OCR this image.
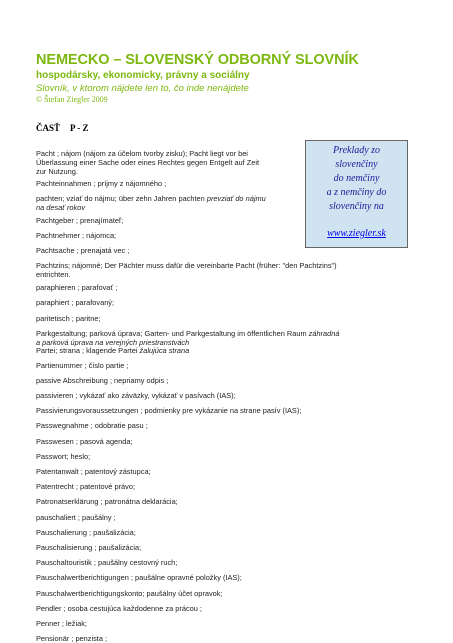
NEMECKO – SLOVENSKÝ ODBORNÝ SLOVNÍK
hospodársky, ekonomicky, právny a sociálny
Slovník, v ktorom nájdete len to, čo inde nenájdete
© Štefan Ziegler 2009
ČASŤ P - Z
Preklady zo
slovenčiny
do nemčiny
a z nemčiny do
slovenčiny na
www.ziegler.sk
Pacht ; nájom (nájom za účelom tvorby zisku); Pacht liegt vor bei
Überlassung einer Sache oder eines Rechtes gegen Entgelt auf Zeit
zur Nutzung.
Pachteinnahmen ; príjmy z nájomného ;
pachten; vziať do nájmu; über zehn Jahren pachten prevziať do nájmu
na desať rokov
Pachtgeber ; prenajímateľ;
Pachtnehmer ; nájomca;
Pachtsache ; prenajatá vec ;
Pachtzins; nájomné; Der Pächter muss dafür die vereinbarte Pacht (früher: "den Pachtzins")
entrichten.
paraphieren ; parafovať ;
paraphiert ; parafovaný;
paritetisch ; paritne;
Parkgestaltung; parková úprava; Garten- und Parkgestaltung im öffentlichen Raum záhradná
a parková úprava na verejných priestranstvách
Partei; strana ; klagende Partei žalujúca strana
Partienummer ; číslo partie ;
passive Abschreibung ; nepriamy odpis ;
passivieren ; vykázať ako záväzky, vykázať v pasívach (IAS);
Passivierungsvoraussetzungen ; podmienky pre vykázanie na strane pasív (IAS);
Passwegnahme ; odobratie pasu ;
Passwesen ; pasová agenda;
Passwort; heslo;
Patentanwalt ; patentový zástupca;
Patentrecht ; patentové právo;
Patronatserklärung ; patronátna deklarácia;
pauschaliert ; paušálny ;
Pauschalierung ; paušalizácia;
Pauschalisierung ; paušalizácia;
Pauschaltouristik ; paušálny cestovný ruch;
Pauschalwertberichtigungen ; paušálne opravné položky (IAS);
Pauschalwertberichtigungskonto; paušálny účet opravok;
Pendler ; osoba cestujúca každodenne za prácou ;
Penner ; ležiak;
Pensionär ; penzista ;
